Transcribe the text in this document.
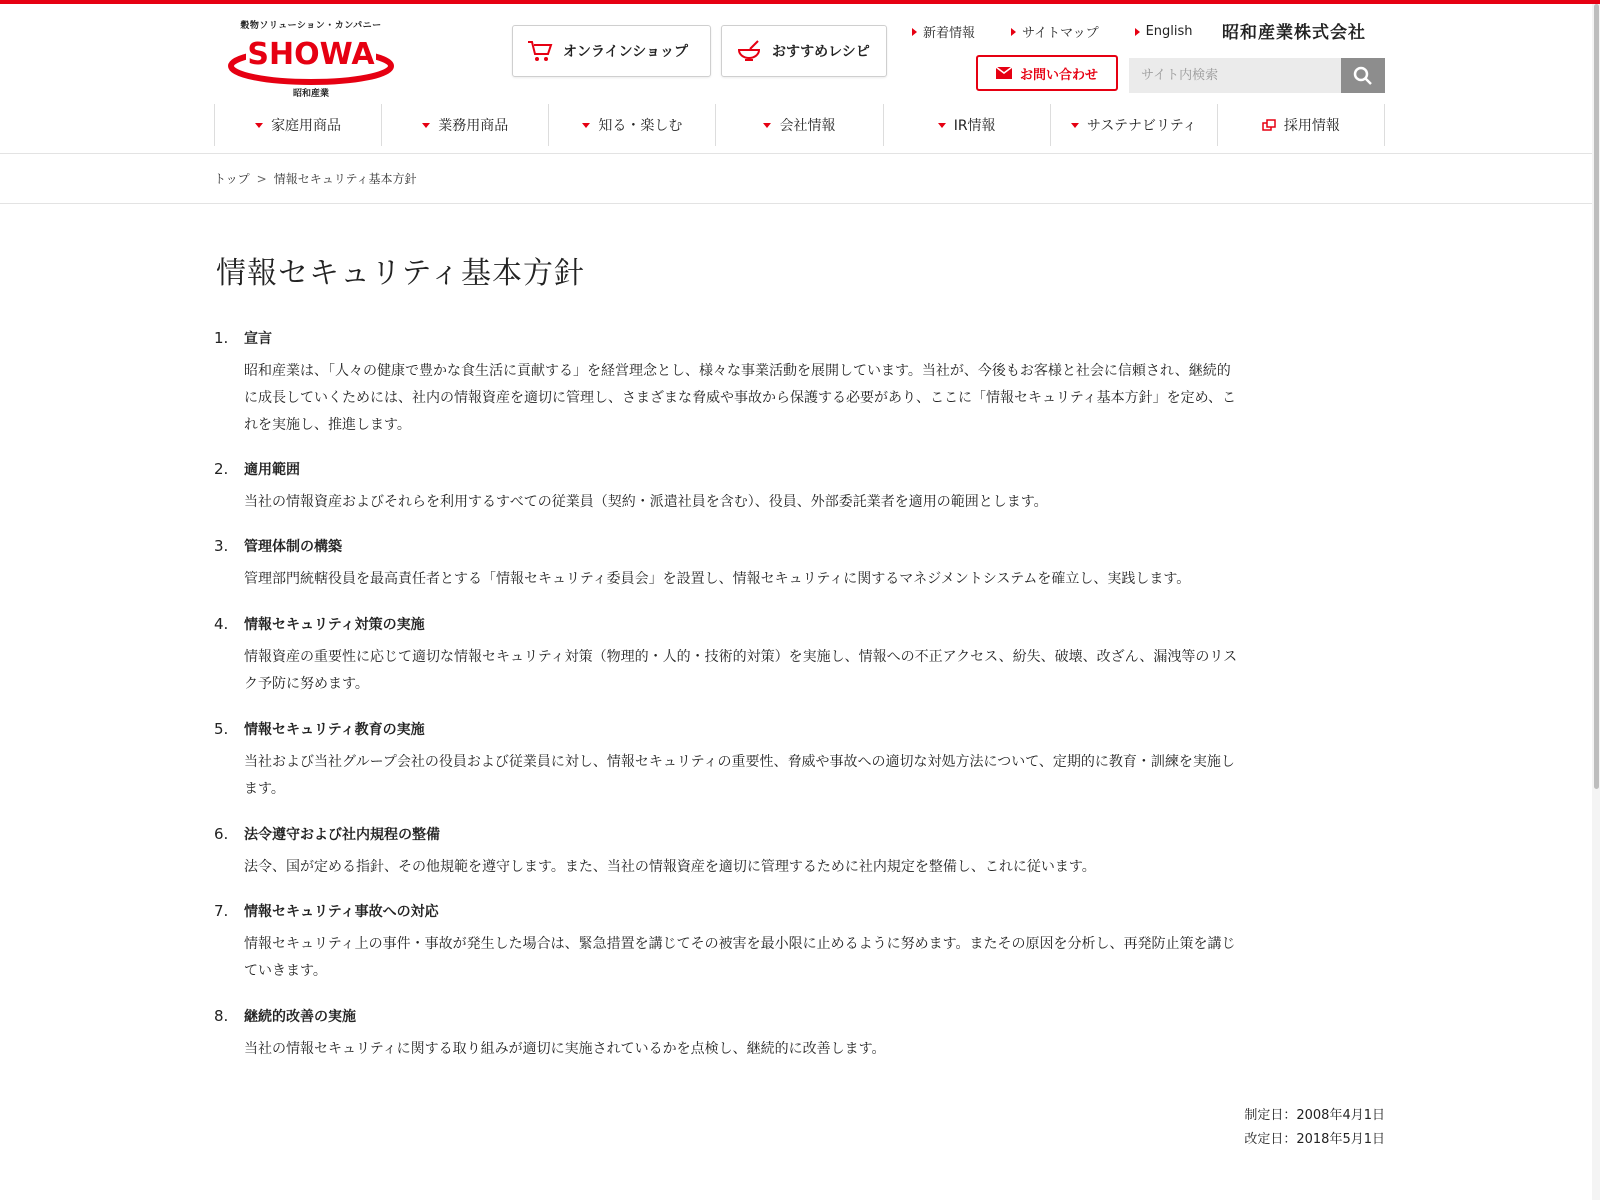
穀物ソリューション・カンパニー
SHOWA
昭和産業
オンラインショップ	おすすめレシピ
新着情報	サイトマップ	English 昭和産業株式会社
お問い合わせ
サイト内検索
家庭用商品	業務用商品	知る・楽しむ	会社情報	IR情報	サステナビリティ	採用情報
トップ > 情報セキュリティ基本方針
情報セキュリティ基本方針
1.	宣言
昭和産業は、「人々の健康で豊かな食生活に貢献する」を経営理念とし、様々な事業活動を展開しています。当社が、今後もお客様と社会に信頼され、継続的
に成長していくためには、社内の情報資産を適切に管理し、さまざまな脅威や事故から保護する必要があり、ここに「情報セキュリティ基本方針」を定め、こ
れを実施し、推進します。
2.	適用範囲
当社の情報資産およびそれらを利用するすべての従業員（契約・派遣社員を含む）、役員、外部委託業者を適用の範囲とします。
3.	管理体制の構築
管理部門統轄役員を最高責任者とする「情報セキュリティ委員会」を設置し、情報セキュリティに関するマネジメントシステムを確立し、実践します。
4.	情報セキュリティ対策の実施
情報資産の重要性に応じて適切な情報セキュリティ対策（物理的・人的・技術的対策）を実施し、情報への不正アクセス、紛失、破壊、改ざん、漏洩等のリス
ク予防に努めます。
5.	情報セキュリティ教育の実施
当社および当社グループ会社の役員および従業員に対し、情報セキュリティの重要性、脅威や事故への適切な対処方法について、定期的に教育・訓練を実施し
ます。
6.	法令遵守および社内規程の整備
法令、国が定める指針、その他規範を遵守します。また、当社の情報資産を適切に管理するために社内規定を整備し、これに従います。
7.	情報セキュリティ事故への対応
情報セキュリティ上の事件・事故が発生した場合は、緊急措置を講じてその被害を最小限に止めるように努めます。またその原因を分析し、再発防止策を講じ
ていきます。
8.	継続的改善の実施
当社の情報セキュリティに関する取り組みが適切に実施されているかを点検し、継続的に改善します。
制定日：2008年4月1日
改定日：2018年5月1日
